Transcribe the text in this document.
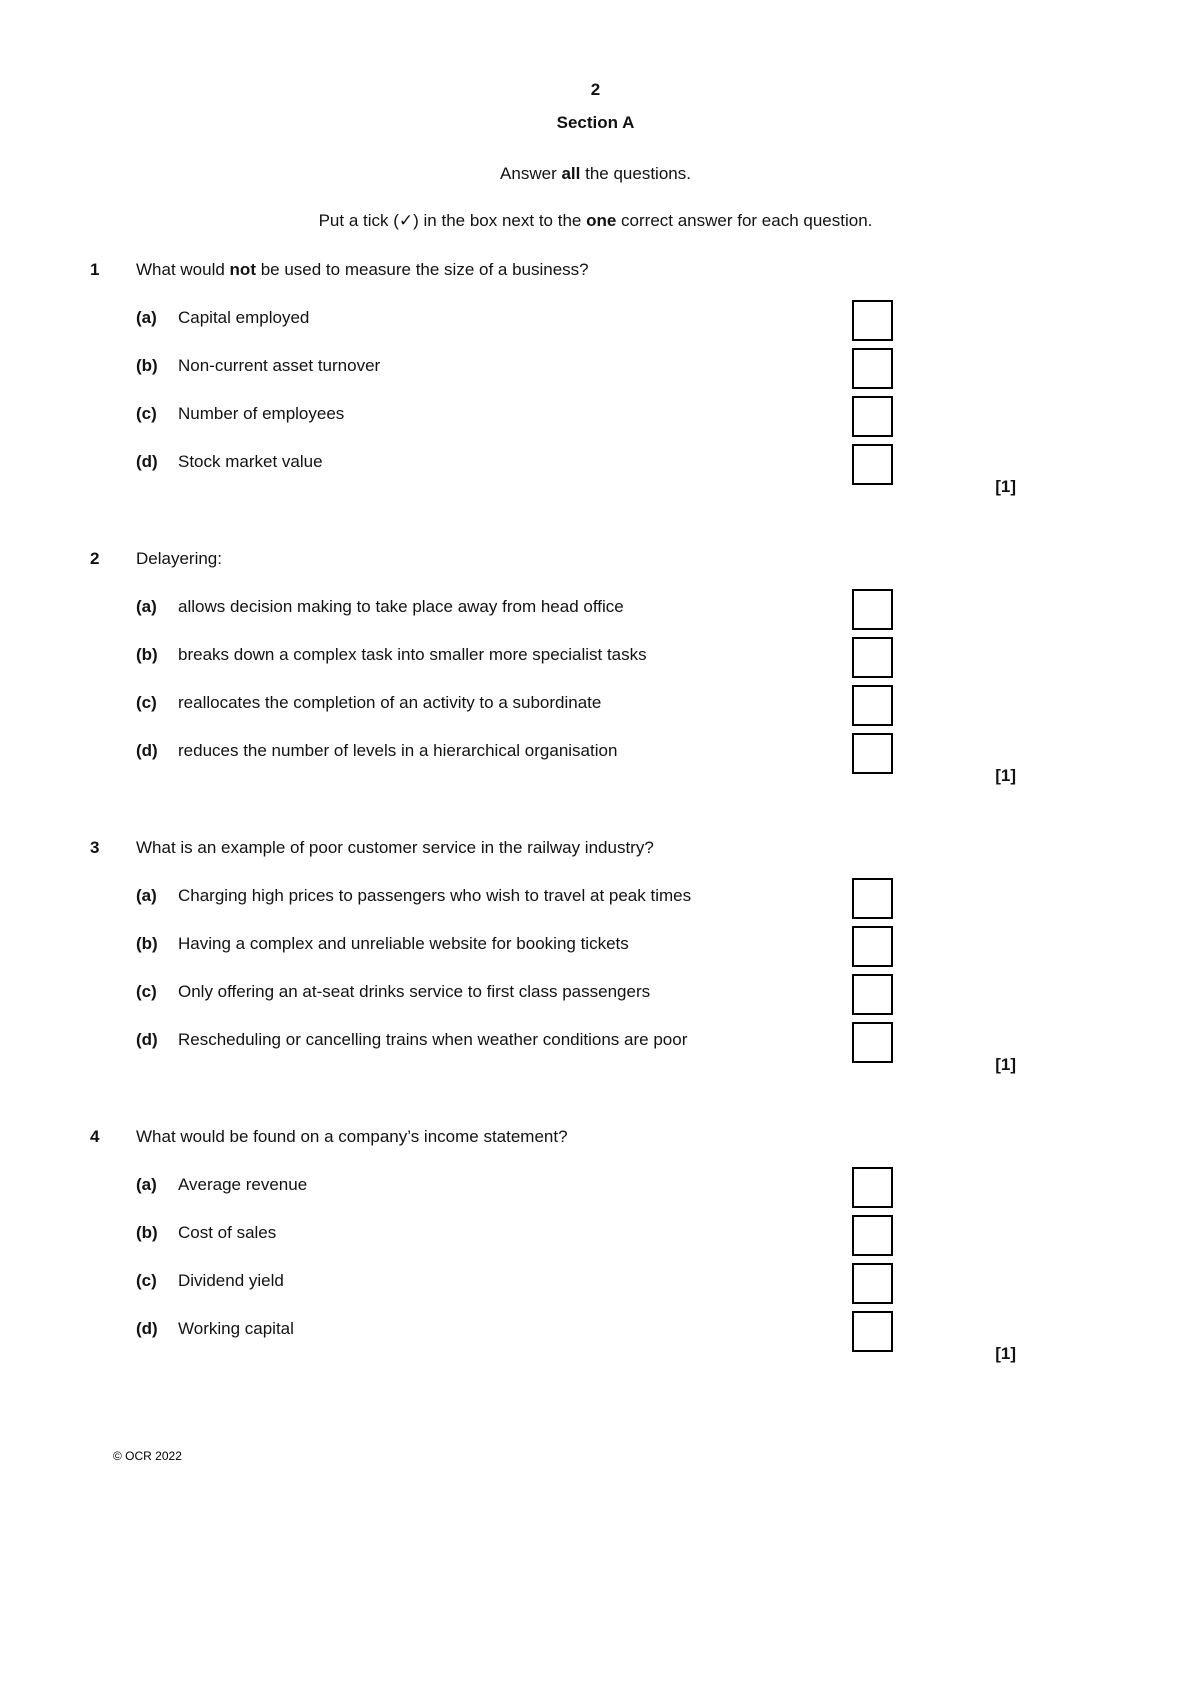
2
Section A
Answer all the questions.
Put a tick (✓) in the box next to the one correct answer for each question.
1 What would not be used to measure the size of a business?
(a) Capital employed
(b) Non-current asset turnover
(c) Number of employees
(d) Stock market value
[1]
2 Delayering:
(a) allows decision making to take place away from head office
(b) breaks down a complex task into smaller more specialist tasks
(c) reallocates the completion of an activity to a subordinate
(d) reduces the number of levels in a hierarchical organisation
[1]
3 What is an example of poor customer service in the railway industry?
(a) Charging high prices to passengers who wish to travel at peak times
(b) Having a complex and unreliable website for booking tickets
(c) Only offering an at-seat drinks service to first class passengers
(d) Rescheduling or cancelling trains when weather conditions are poor
[1]
4 What would be found on a company’s income statement?
(a) Average revenue
(b) Cost of sales
(c) Dividend yield
(d) Working capital
[1]
© OCR 2022
